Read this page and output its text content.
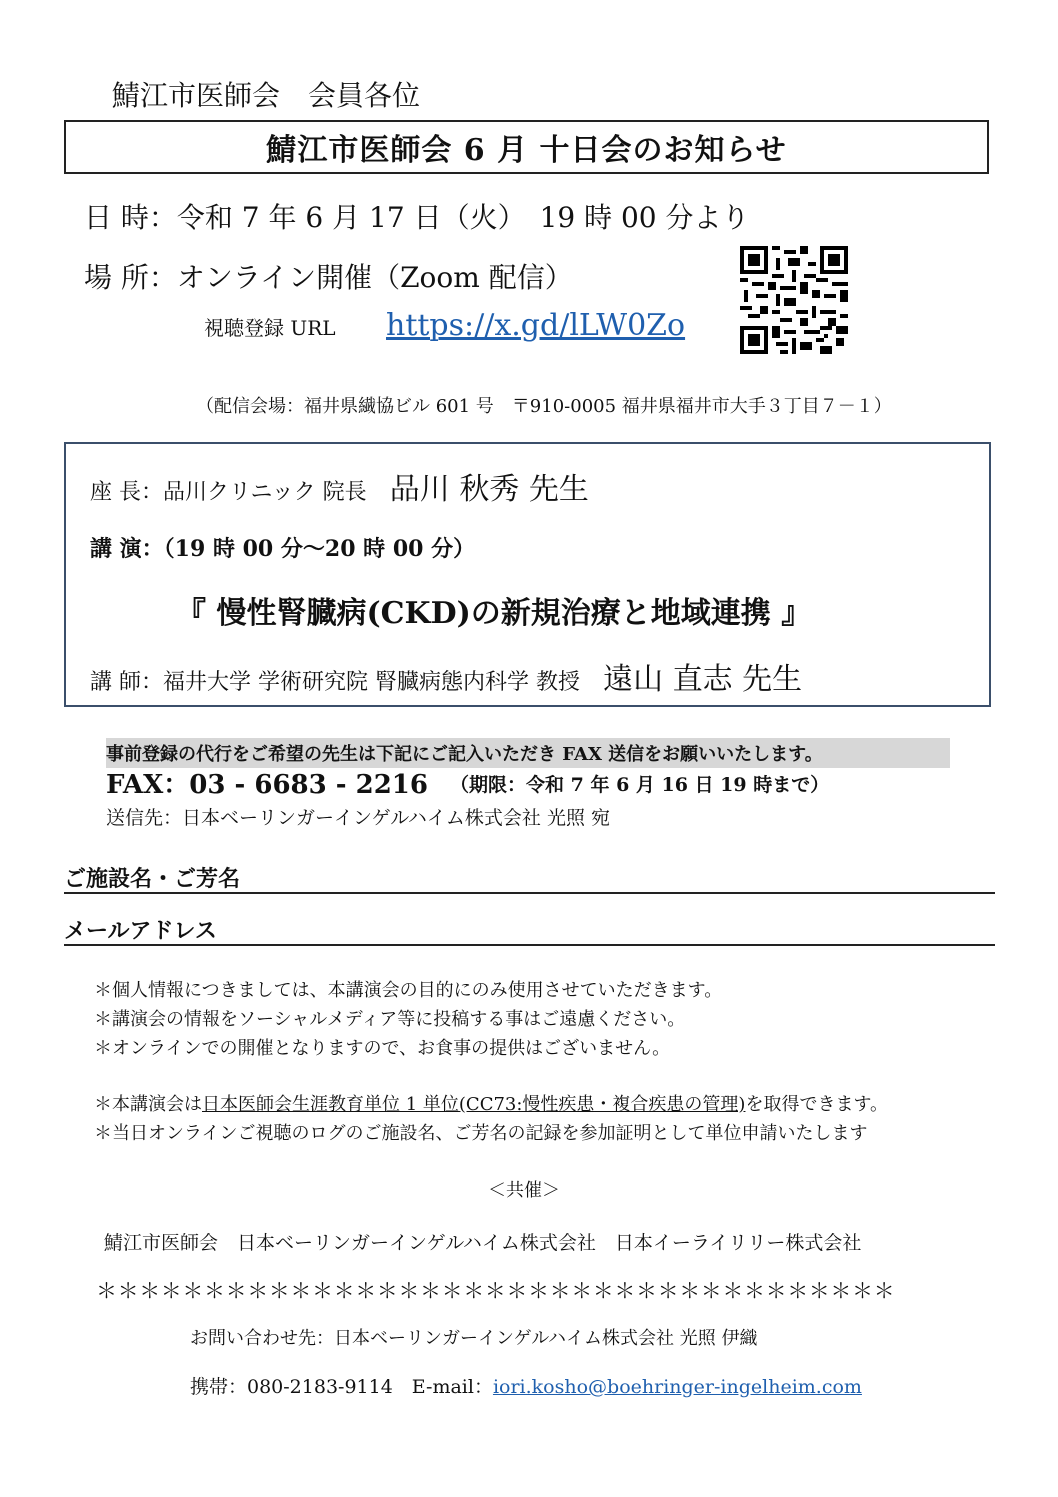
鯖江市医師会　会員各位
鯖江市医師会 6 月 十日会のお知らせ
日 時：令和 7 年 6 月 17 日（火）　19 時 00 分より
場 所：オンライン開催（Zoom 配信）
視聴登録 URL https://x.gd/lLW0Zo
（配信会場：福井県繊協ビル 601 号　〒910-0005 福井県福井市大手３丁目７－１）
座 長：品川クリニック 院長 品川 秋秀 先生
講 演：（19 時 00 分～20 時 00 分）
『 慢性腎臓病(CKD)の新規治療と地域連携 』
講 師：福井大学 学術研究院 腎臓病態内科学 教授 遠山 直志 先生
事前登録の代行をご希望の先生は下記にご記入いただき FAX 送信をお願いいたします。
FAX：03 - 6683 - 2216 （期限：令和 7 年 6 月 16 日 19 時まで）
送信先：日本ベーリンガーインゲルハイム株式会社 光照 宛
ご施設名・ご芳名
メールアドレス
＊個人情報につきましては、本講演会の目的にのみ使用させていただきます。
＊講演会の情報をソーシャルメディア等に投稿する事はご遠慮ください。
＊オンラインでの開催となりますので、お食事の提供はございません。
＊本講演会は日本医師会生涯教育単位 1 単位(CC73:慢性疾患・複合疾患の管理)を取得できます。
＊当日オンラインご視聴のログのご施設名、ご芳名の記録を参加証明として単位申請いたします
＜共催＞
鯖江市医師会　日本ベーリンガーインゲルハイム株式会社　日本イーライリリー株式会社
＊＊＊＊＊＊＊＊＊＊＊＊＊＊＊＊＊＊＊＊＊＊＊＊＊＊＊＊＊＊＊＊＊＊＊＊＊
お問い合わせ先：日本ベーリンガーインゲルハイム株式会社 光照 伊織
携帯：080-2183-9114　E-mail：iori.kosho@boehringer-ingelheim.com
